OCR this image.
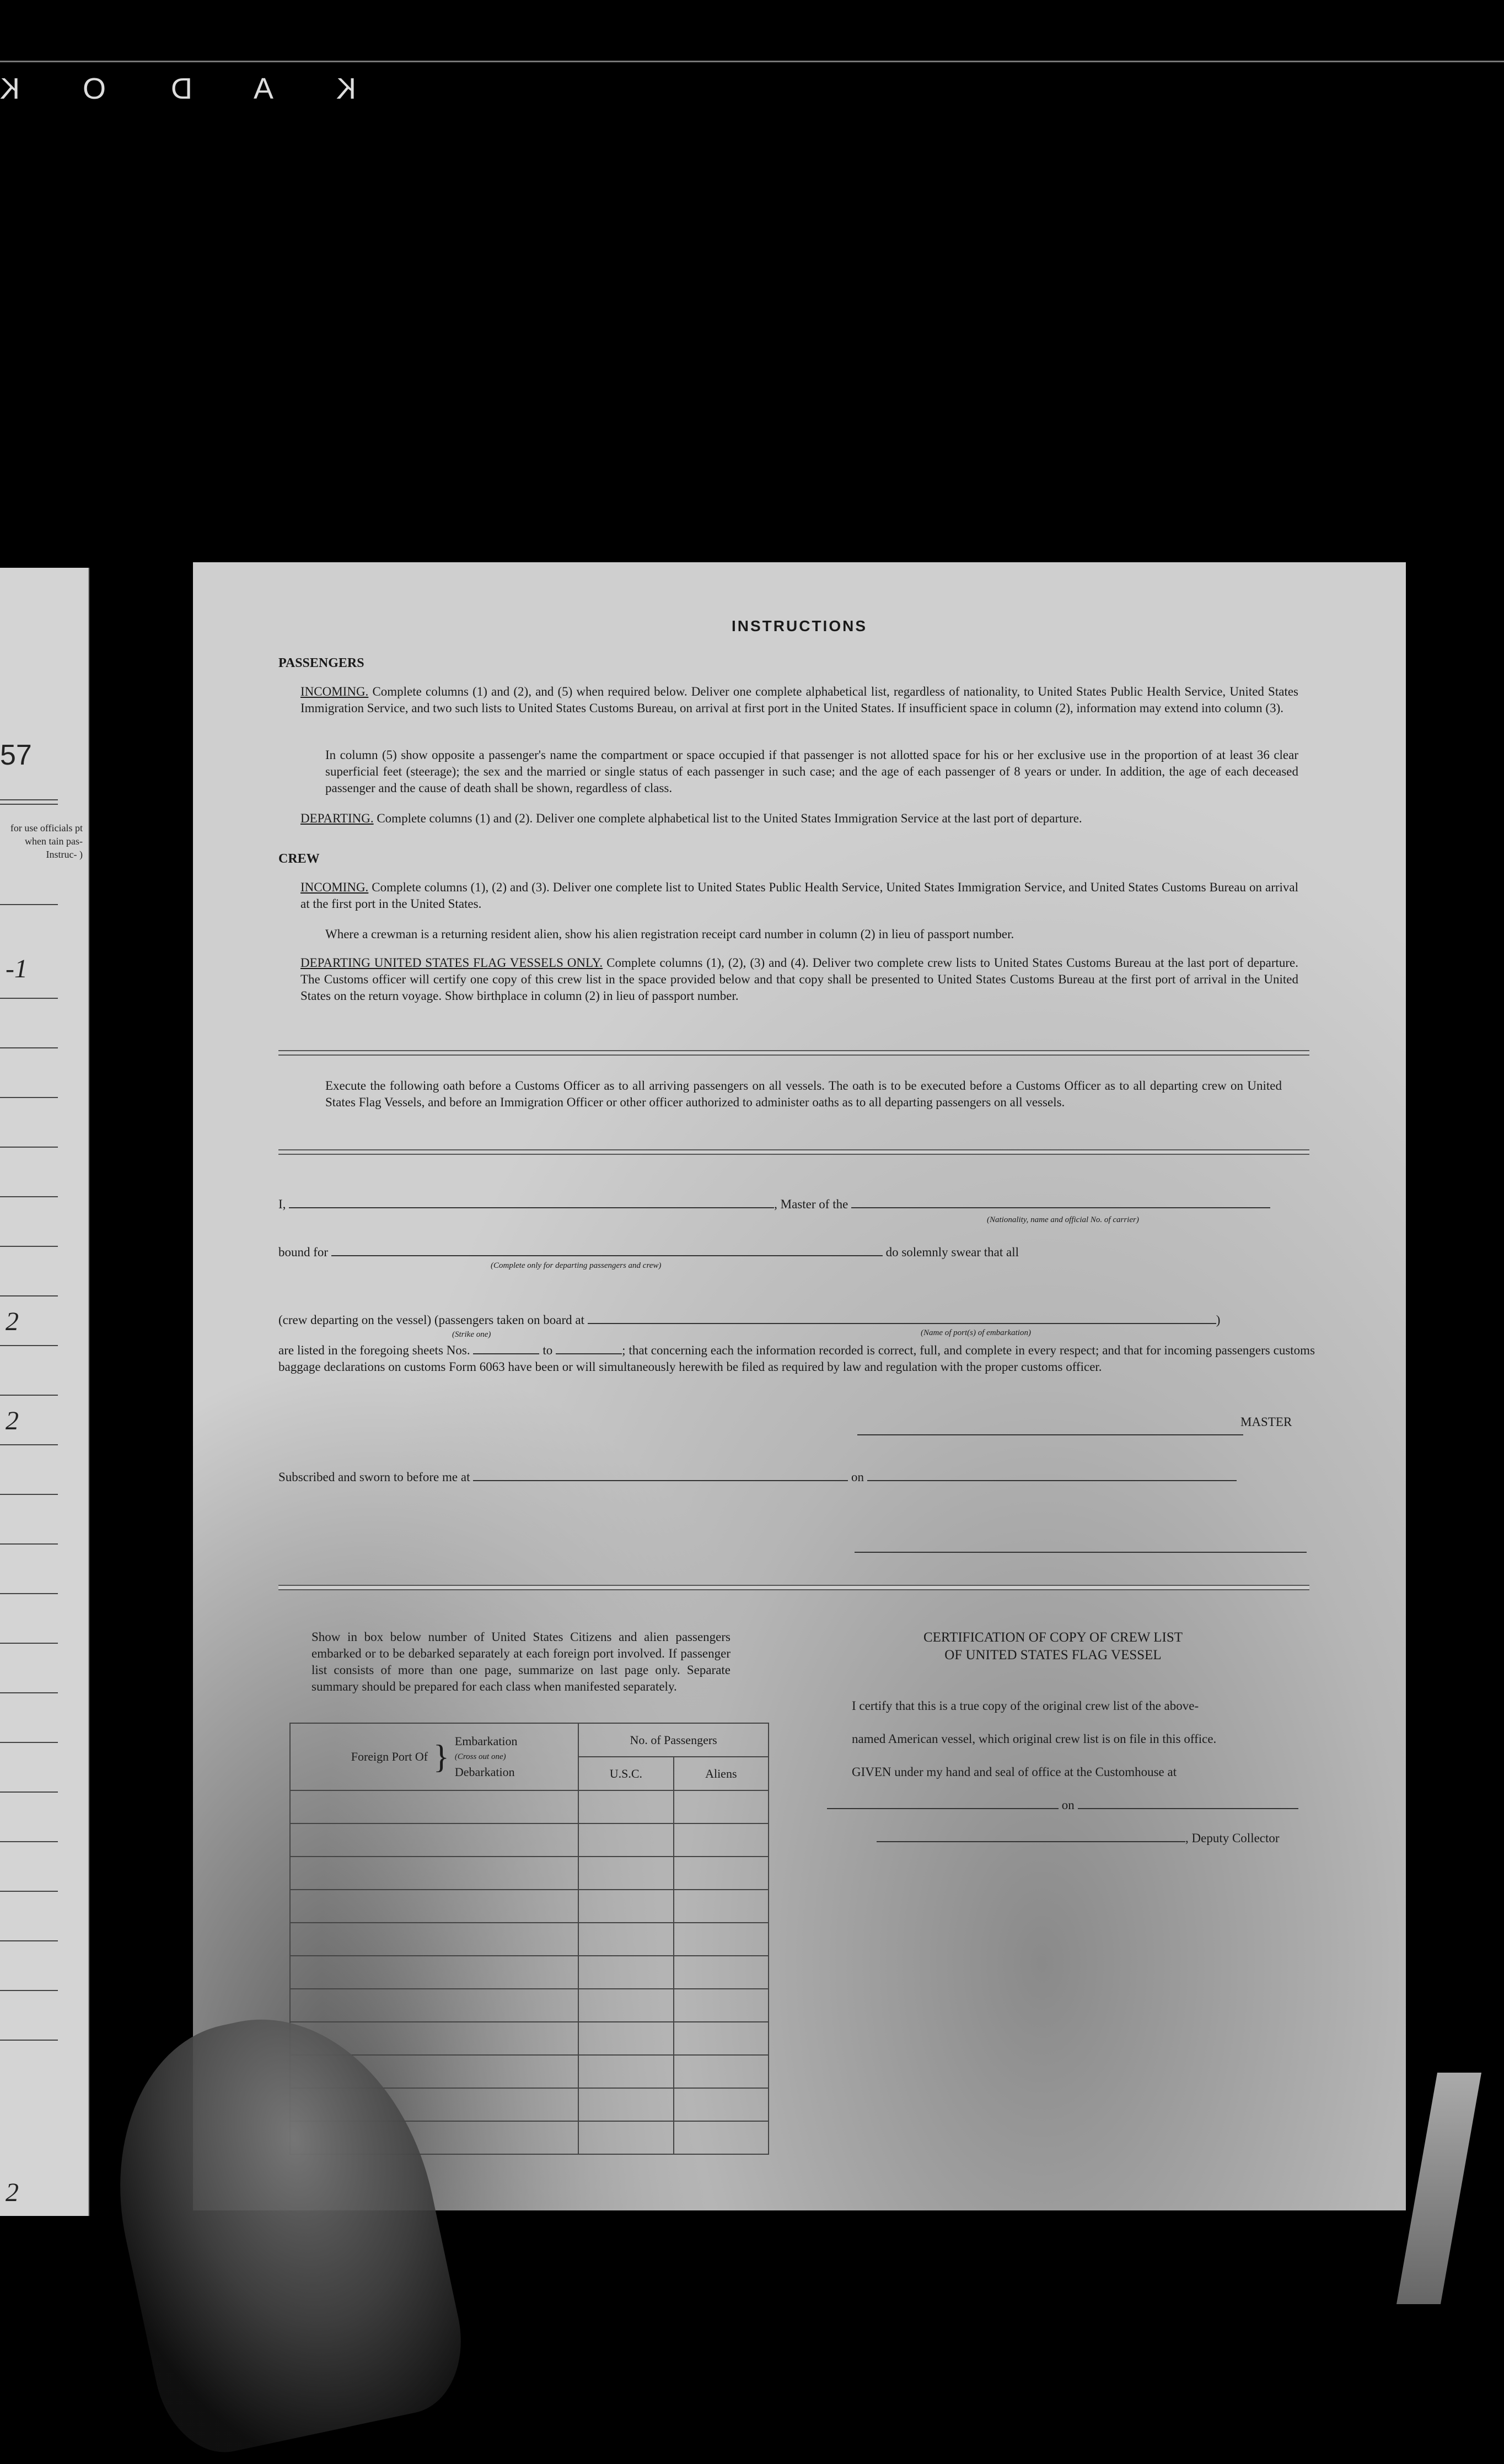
K O D A K
57
for use officials pt when tain pas- Instruc- )
-1
2
2
2
INSTRUCTIONS
PASSENGERS
INCOMING. Complete columns (1) and (2), and (5) when required below. Deliver one complete alphabetical list, regardless of nationality, to United States Public Health Service, United States Immigration Service, and two such lists to United States Customs Bureau, on arrival at first port in the United States. If insufficient space in column (2), information may extend into column (3).
In column (5) show opposite a passenger's name the compartment or space occupied if that passenger is not allotted space for his or her exclusive use in the proportion of at least 36 clear superficial feet (steerage); the sex and the married or single status of each passenger in such case; and the age of each passenger of 8 years or under. In addition, the age of each deceased passenger and the cause of death shall be shown, regardless of class.
DEPARTING. Complete columns (1) and (2). Deliver one complete alphabetical list to the United States Immigration Service at the last port of departure.
CREW
INCOMING. Complete columns (1), (2) and (3). Deliver one complete list to United States Public Health Service, United States Immigration Service, and United States Customs Bureau on arrival at the first port in the United States.
Where a crewman is a returning resident alien, show his alien registration receipt card number in column (2) in lieu of passport number.
DEPARTING UNITED STATES FLAG VESSELS ONLY. Complete columns (1), (2), (3) and (4). Deliver two complete crew lists to United States Customs Bureau at the last port of departure. The Customs officer will certify one copy of this crew list in the space provided below and that copy shall be presented to United States Customs Bureau at the first port of arrival in the United States on the return voyage. Show birthplace in column (2) in lieu of passport number.
Execute the following oath before a Customs Officer as to all arriving passengers on all vessels. The oath is to be executed before a Customs Officer as to all departing crew on United States Flag Vessels, and before an Immigration Officer or other officer authorized to administer oaths as to all departing passengers on all vessels.
I,	, Master of the
(Nationality, name and official No. of carrier)
bound for	do solemnly swear that all
(Complete only for departing passengers and crew)
(crew departing on the vessel) (passengers taken on board at	)
(Strike one)	(Name of port(s) of embarkation)
are listed in the foregoing sheets Nos.	to	; that concerning each the information recorded is correct, full, and complete in every respect; and that for incoming passengers customs baggage declarations on customs Form 6063 have been or will simultaneously herewith be filed as required by law and regulation with the proper customs officer.
MASTER
Subscribed and sworn to before me at	on
Show in box below number of United States Citizens and alien passengers embarked or to be debarked separately at each foreign port involved. If passenger list consists of more than one page, summarize on last page only. Separate summary should be prepared for each class when manifested separately.
Foreign Port Of } Embarkation
(Cross out one)
Debarkation	No. of Passengers	
	U.S.C.	Aliens

CERTIFICATION OF COPY OF CREW LIST
OF UNITED STATES FLAG VESSEL
I certify that this is a true copy of the original crew list of the above-
named American vessel, which original crew list is on file in this office.
GIVEN under my hand and seal of office at the Customhouse at
on
, Deputy Collector
